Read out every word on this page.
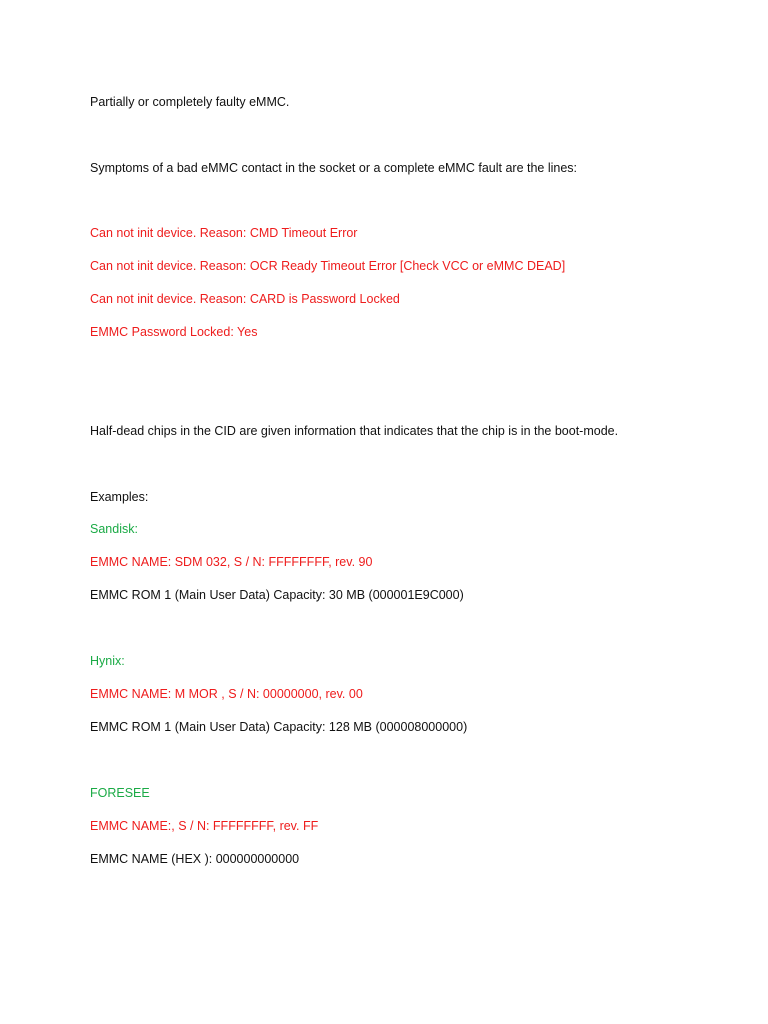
Partially or completely faulty eMMC.
Symptoms of a bad eMMC contact in the socket or a complete eMMC fault are the lines:
Can not init device. Reason: CMD Timeout Error
Can not init device. Reason: OCR Ready Timeout Error [Check VCC or eMMC DEAD]
Can not init device. Reason: CARD is Password Locked
EMMC Password Locked: Yes
Half-dead chips in the CID are given information that indicates that the chip is in the boot-mode.
Examples:
Sandisk:
EMMC NAME: SDM 032, S / N: FFFFFFFF, rev. 90
EMMC ROM 1 (Main User Data) Capacity: 30 MB (000001E9C000)
Hynix:
EMMC NAME: M MOR , S / N: 00000000, rev. 00
EMMC ROM 1 (Main User Data) Capacity: 128 MB (000008000000)
FORESEE
EMMC NAME:, S / N: FFFFFFFF, rev. FF
EMMC NAME (HEX ): 000000000000
